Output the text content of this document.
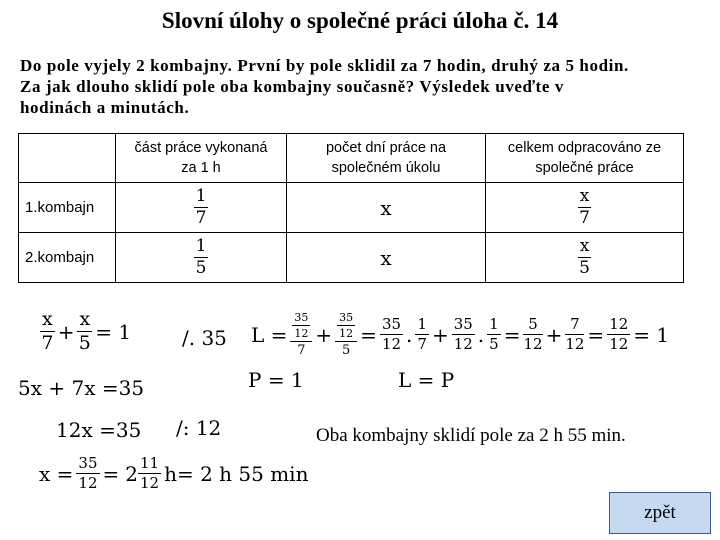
Slovní úlohy o společné práci úloha č. 14
Do pole vyjely 2 kombajny. První by pole sklidil za 7 hodin, druhý za 5 hodin.
Za jak dlouho sklidí pole oba kombajny současně? Výsledek uveďte v
hodinách a minutách.

	část práce vykonaná za 1 h	počet dní práce na společném úkolu	celkem odpracováno ze společné práce

1.kombajn	$\frac{1}{7}$	x	$\frac{x}{7}$

2.kombajn	$\frac{1}{5}$	x	$\frac{x}{5}$
$\frac{x}{7} + \frac{x}{5} = 1$	/. 35
5x + 7x =35
12x =35 /: 12
$x = \frac{35}{12} = 2 \frac{11}{12} h= 2$ h 55 min
$L = \frac{\frac{35}{12}}{7} + \frac{\frac{35}{12}}{5} = \frac{35}{12}$ . $\frac{1}{7} + \frac{35}{12}$ . $\frac{1}{5} = \frac{5}{12} + \frac{7}{12} = \frac{12}{12} = 1$
P = 1	L = P
Oba kombajny sklidí pole za 2 h 55 min.
zpět
